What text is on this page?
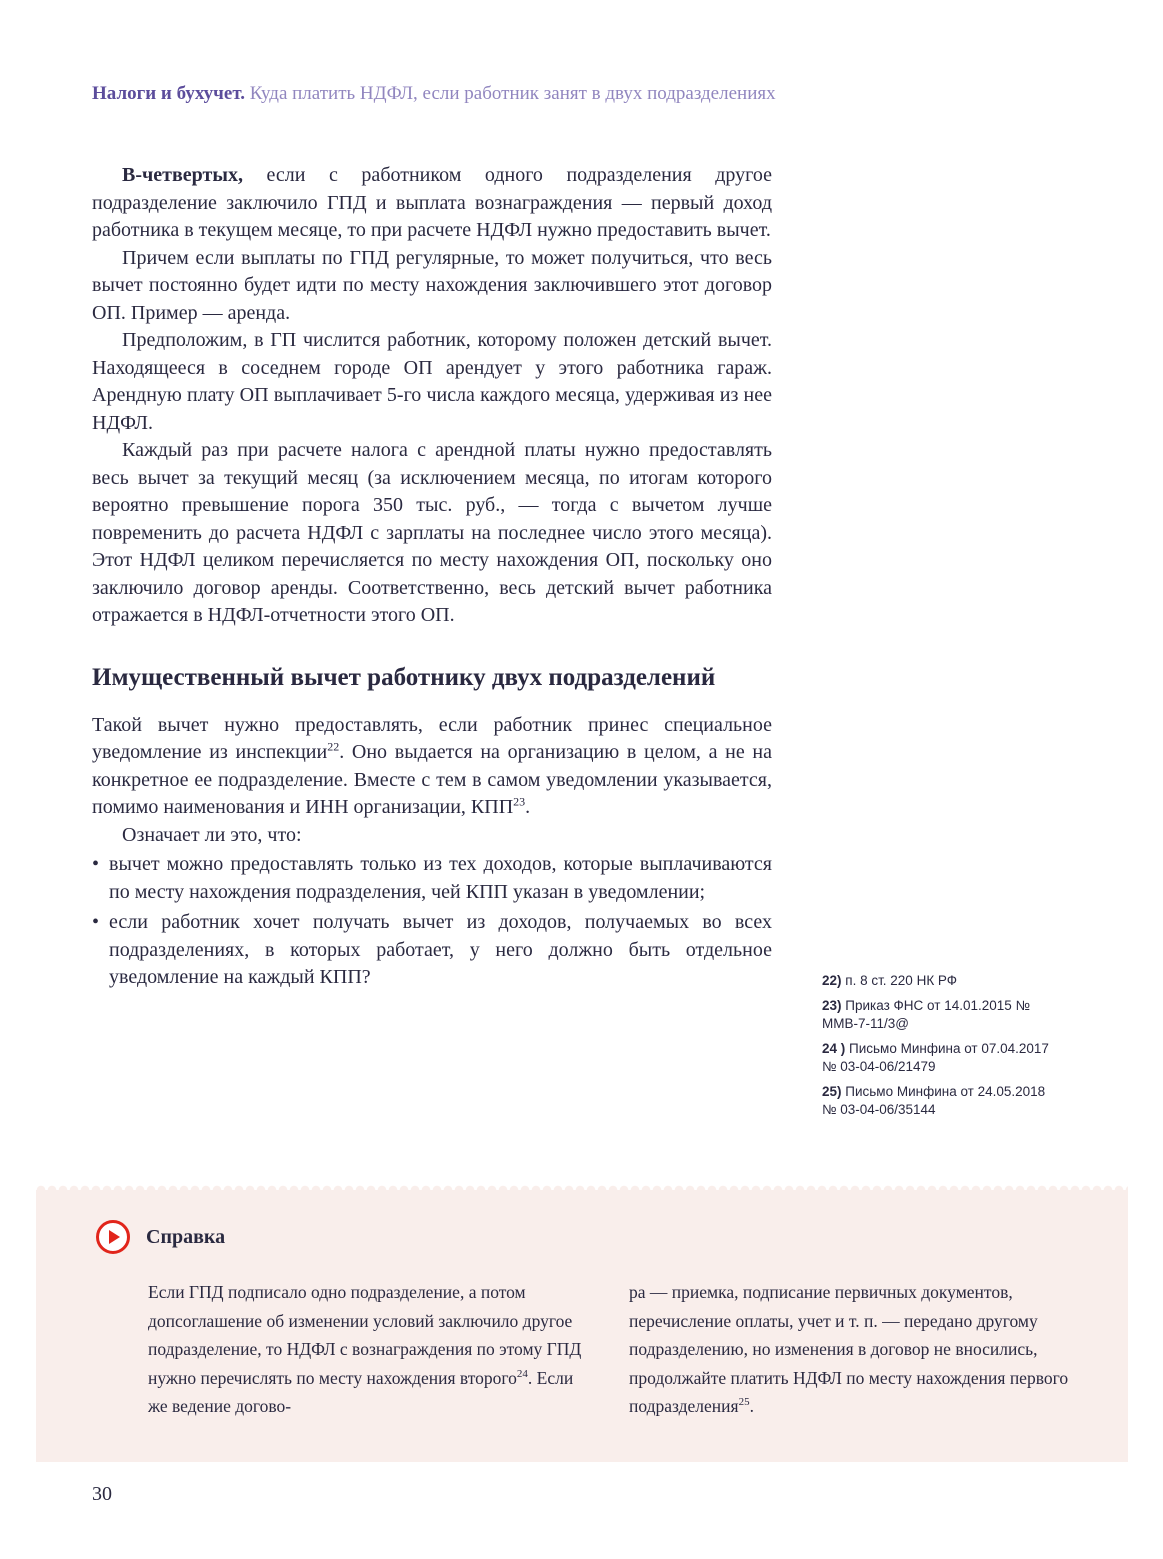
Налоги и бухучет. Куда платить НДФЛ, если работник занят в двух подразделениях

В-четвертых, если с работником одного подразделения другое подразделение заключило ГПД и выплата вознаграждения — первый доход работника в текущем месяце, то при расчете НДФЛ нужно предоставить вычет.

Причем если выплаты по ГПД регулярные, то может получиться, что весь вычет постоянно будет идти по месту нахождения заключившего этот договор ОП. Пример — аренда.

Предположим, в ГП числится работник, которому положен детский вычет. Находящееся в соседнем городе ОП арендует у этого работника гараж. Арендную плату ОП выплачивает 5-го числа каждого месяца, удерживая из нее НДФЛ.

Каждый раз при расчете налога с арендной платы нужно предоставлять весь вычет за текущий месяц (за исключением месяца, по итогам которого вероятно превышение порога 350 тыс. руб., — тогда с вычетом лучше повременить до расчета НДФЛ с зарплаты на последнее число этого месяца). Этот НДФЛ целиком перечисляется по месту нахождения ОП, поскольку оно заключило договор аренды. Соответственно, весь детский вычет работника отражается в НДФЛ-отчетности этого ОП.

Имущественный вычет работнику двух подразделений

Такой вычет нужно предоставлять, если работник принес специальное уведомление из инспекции$^{22}$. Оно выдается на организацию в целом, а не на конкретное ее подразделение. Вместе с тем в самом уведомлении указывается, помимо наименования и ИНН организации, КПП$^{23}$.

Означает ли это, что:

• вычет можно предоставлять только из тех доходов, которые выплачиваются по месту нахождения подразделения, чей КПП указан в уведомлении;
• если работник хочет получать вычет из доходов, получаемых во всех подразделениях, в которых работает, у него должно быть отдельное уведомление на каждый КПП?	22) п. 8 ст. 220 НК РФ
23) Приказ ФНС от 14.01.2015 № ММВ-7-11/3@
24 ) Письмо Минфина от 07.04.2017 № 03-04-06/21479
25) Письмо Минфина от 24.05.2018 № 03-04-06/35144
Справка
Если ГПД подписало одно подразделение, а потом допсоглашение об изменении условий заключило другое подразделение, то НДФЛ с вознаграждения по этому ГПД нужно перечислять по месту нахождения второго$^{24}$. Если же ведение догово-
ра — приемка, подписание первичных документов, перечисление оплаты, учет и т. п. — передано другому подразделению, но изменения в договор не вносились, продолжайте платить НДФЛ по месту нахождения первого подразделения$^{25}$.
30
